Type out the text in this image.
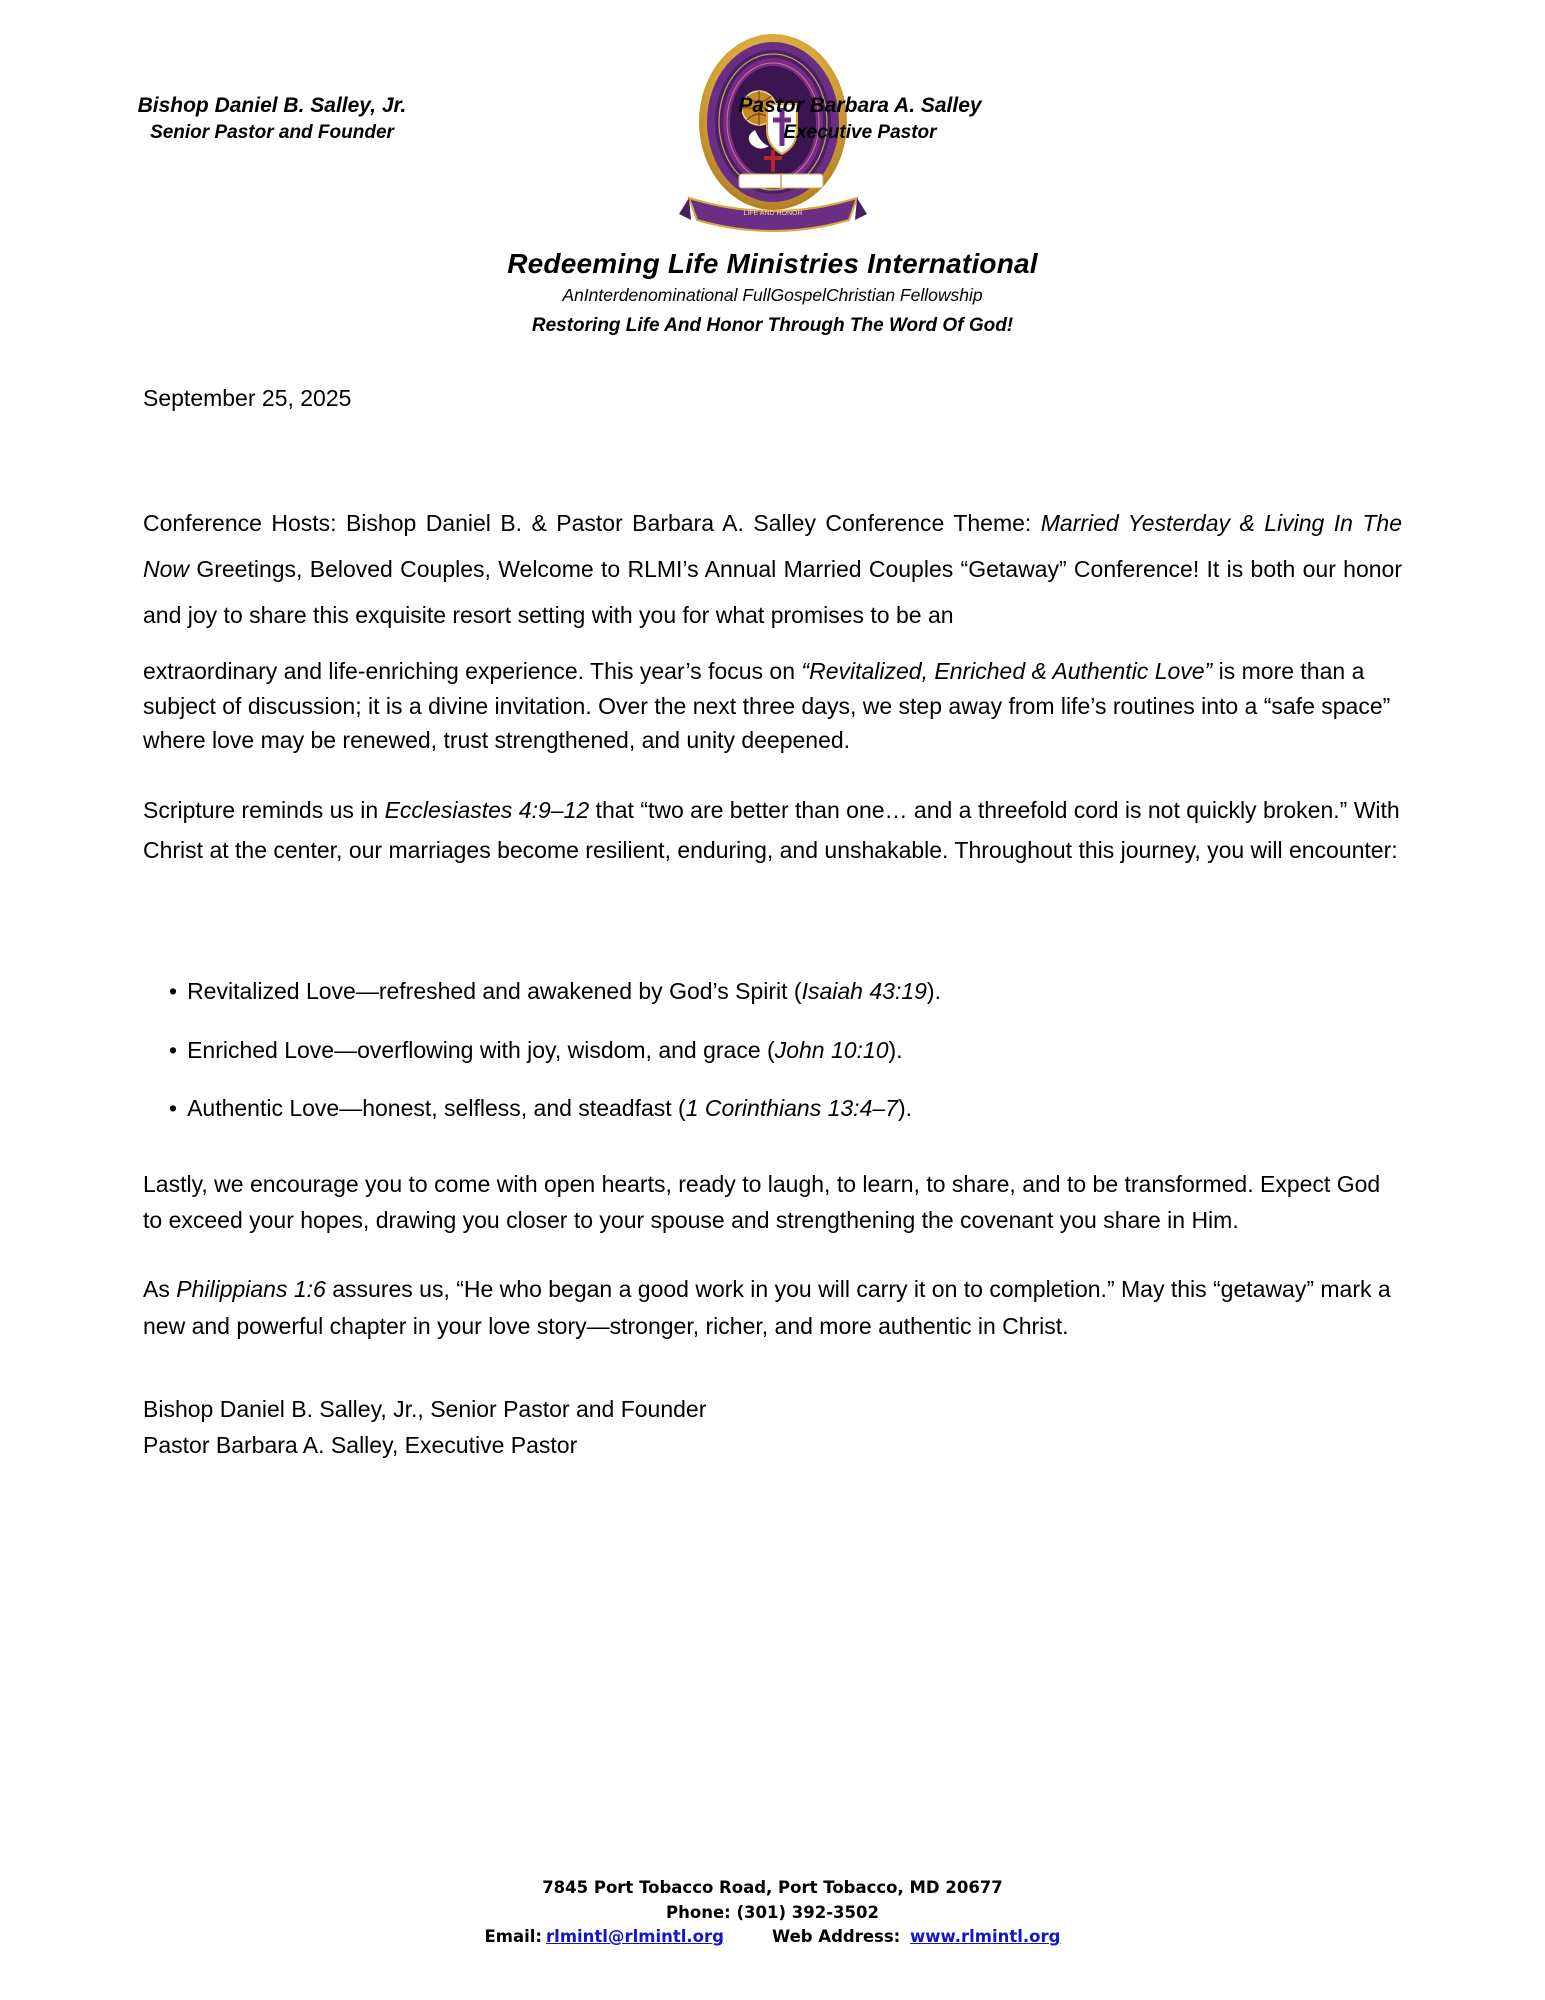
Bishop Daniel B. Salley, Jr.
Senior Pastor and Founder
LIFE AND HONOR
Pastor Barbara A. Salley
Executive Pastor
Redeeming Life Ministries International
AnInterdenominational FullGospelChristian Fellowship
Restoring Life And Honor Through The Word Of God!
September 25, 2025

Conference Hosts: Bishop Daniel B. & Pastor Barbara A. Salley Conference Theme: Married Yesterday & Living In The Now Greetings, Beloved Couples, Welcome to RLMI’s Annual Married Couples “Getaway” Conference! It is both our honor and joy to share this exquisite resort setting with you for what promises to be an

extraordinary and life-enriching experience. This year’s focus on “Revitalized, Enriched & Authentic Love” is more than a subject of discussion; it is a divine invitation. Over the next three days, we step away from life’s routines into a “safe space” where love may be renewed, trust strengthened, and unity deepened.

Scripture reminds us in Ecclesiastes 4:9–12 that “two are better than one… and a threefold cord is not quickly broken.” With Christ at the center, our marriages become resilient, enduring, and unshakable. Throughout this journey, you will encounter:

• Revitalized Love—refreshed and awakened by God’s Spirit (Isaiah 43:19).
• Enriched Love—overflowing with joy, wisdom, and grace (John 10:10).
• Authentic Love—honest, selfless, and steadfast (1 Corinthians 13:4–7).

Lastly, we encourage you to come with open hearts, ready to laugh, to learn, to share, and to be transformed. Expect God to exceed your hopes, drawing you closer to your spouse and strengthening the covenant you share in Him.

As Philippians 1:6 assures us, “He who began a good work in you will carry it on to completion.” May this “getaway” mark a new and powerful chapter in your love story—stronger, richer, and more authentic in Christ.

Bishop Daniel B. Salley, Jr., Senior Pastor and Founder
Pastor Barbara A. Salley, Executive Pastor
7845 Port Tobacco Road, Port Tobacco, MD 20677
Phone: (301) 392-3502
Email: rlmintl@rlmintl.org	Web Address: www.rlmintl.org
